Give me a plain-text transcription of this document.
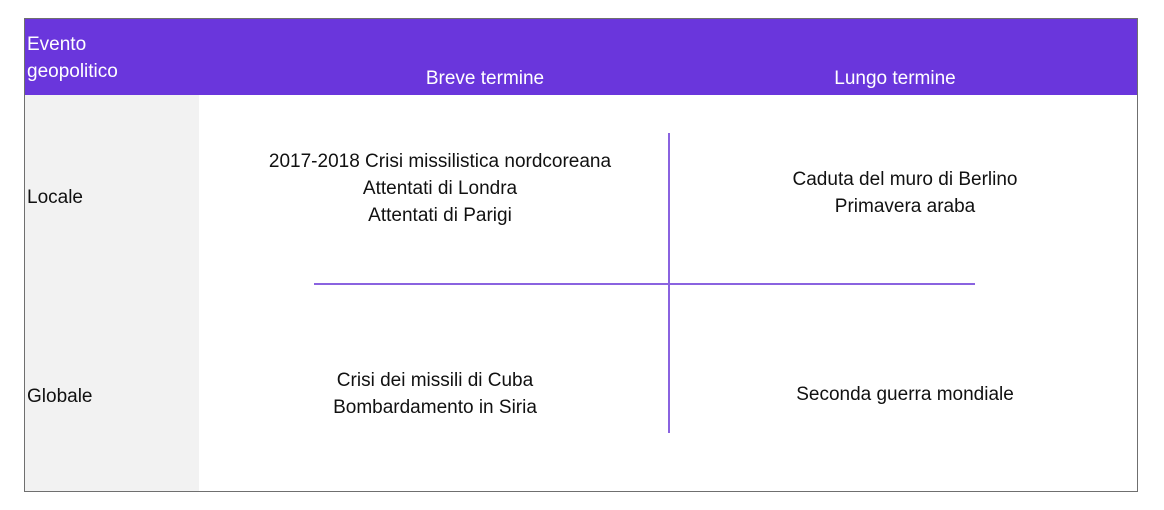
Evento
geopolitico	Breve termine	Lungo termine
Locale
Globale
2017-2018 Crisi missilistica nordcoreana
Attentati di Londra
Attentati di Parigi
Caduta del muro di Berlino
Primavera araba
Crisi dei missili di Cuba
Bombardamento in Siria
Seconda guerra mondiale
